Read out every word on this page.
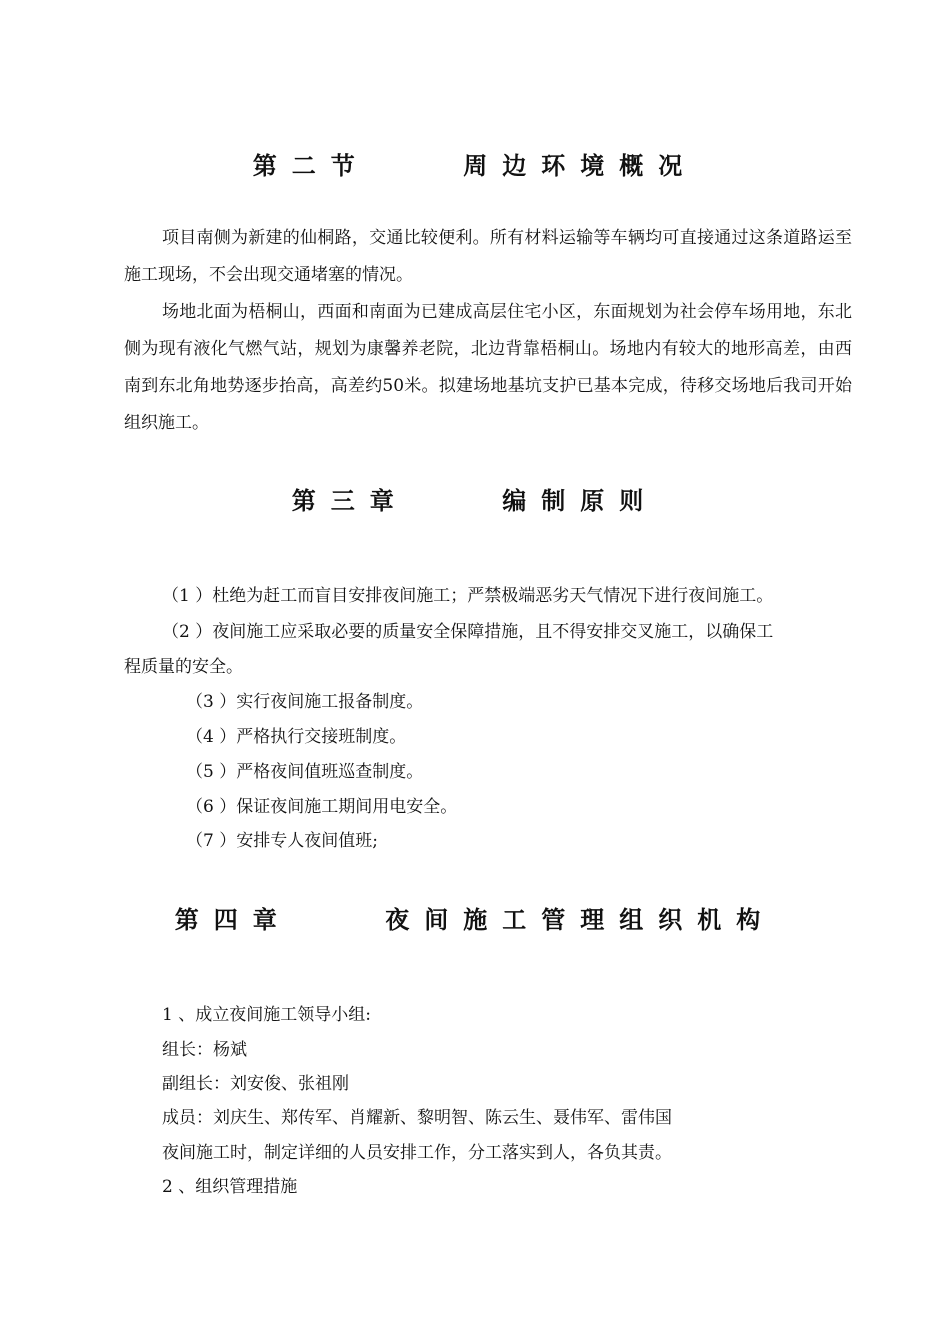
第二节    周边环境概况

项目南侧为新建的仙桐路，交通比较便利。所有材料运输等车辆均可直接通过这条道路运至施工现场，不会出现交通堵塞的情况。

场地北面为梧桐山，西面和南面为已建成高层住宅小区，东面规划为社会停车场用地，东北侧为现有液化气燃气站，规划为康馨养老院，北边背靠梧桐山。场地内有较大的地形高差，由西南到东北角地势逐步抬高，高差约50米。拟建场地基坑支护已基本完成，待移交场地后我司开始组织施工。

第三章    编制原则
（1 ）杜绝为赶工而盲目安排夜间施工；严禁极端恶劣天气情况下进行夜间施工。
（2 ）夜间施工应采取必要的质量安全保障措施，且不得安排交叉施工，以确保工
程质量的安全。
（3 ）实行夜间施工报备制度。
（4 ）严格执行交接班制度。
（5 ）严格夜间值班巡查制度。
（6 ）保证夜间施工期间用电安全。
（7 ）安排专人夜间值班;
第四章    夜间施工管理组织机构
1 、成立夜间施工领导小组:
组长：杨斌
副组长：刘安俊、张祖刚
成员：刘庆生、郑传军、肖耀新、黎明智、陈云生、聂伟军、雷伟国
夜间施工时，制定详细的人员安排工作，分工落实到人，各负其责。
2 、组织管理措施
